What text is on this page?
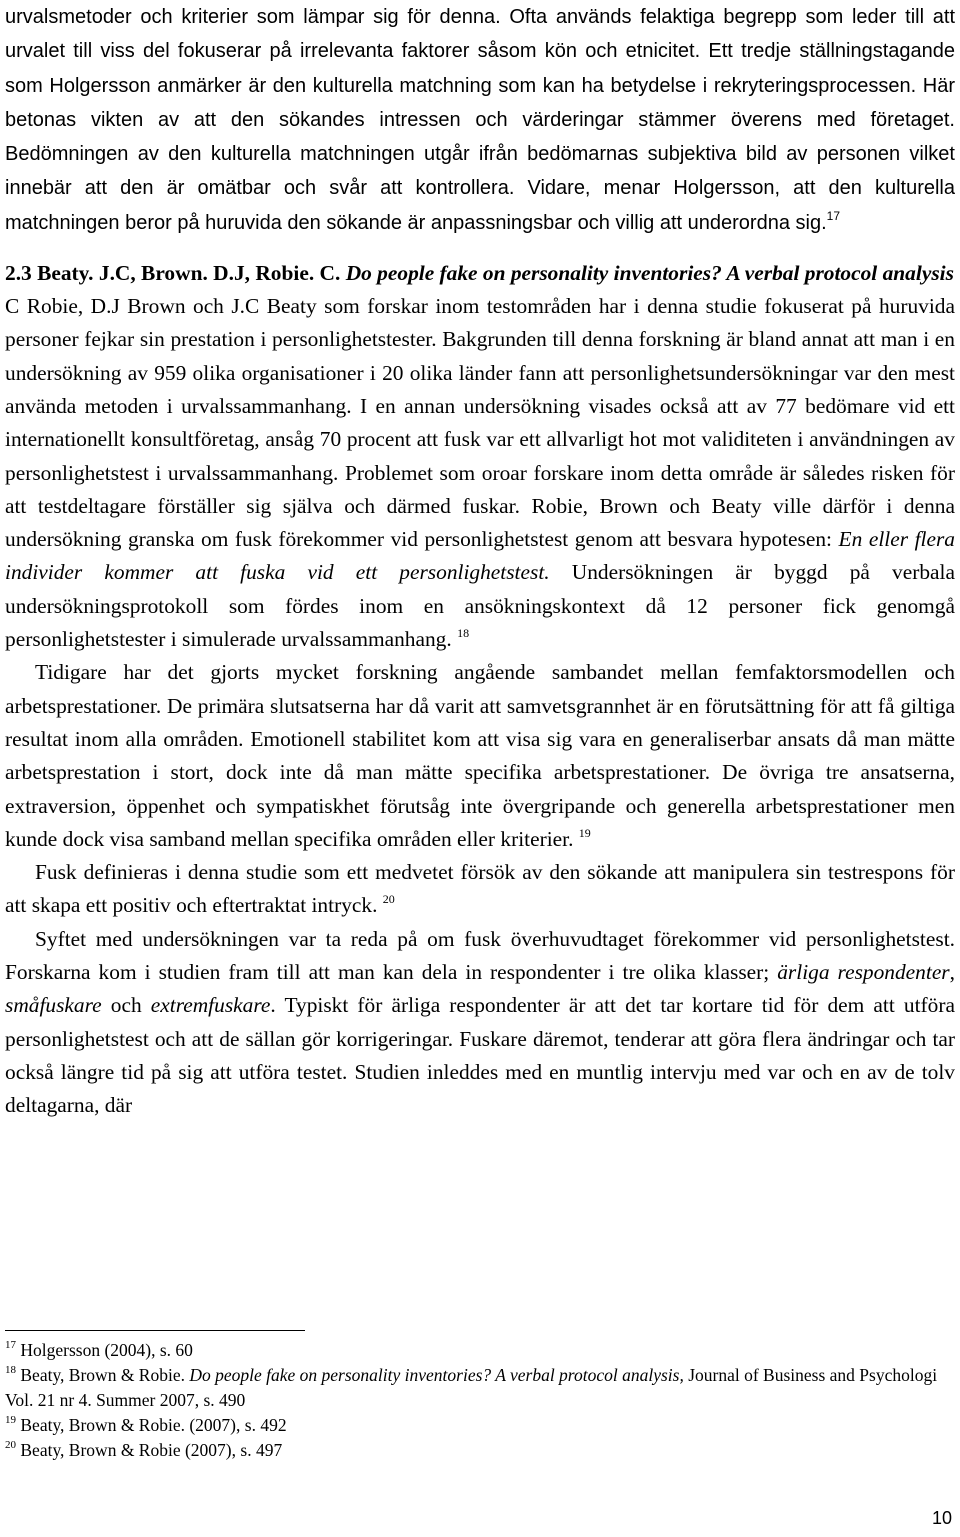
urvalsmetoder och kriterier som lämpar sig för denna. Ofta används felaktiga begrepp som leder till att urvalet till viss del fokuserar på irrelevanta faktorer såsom kön och etnicitet. Ett tredje ställningstagande som Holgersson anmärker är den kulturella matchning som kan ha betydelse i rekryteringsprocessen. Här betonas vikten av att den sökandes intressen och värderingar stämmer överens med företaget. Bedömningen av den kulturella matchningen utgår ifrån bedömarnas subjektiva bild av personen vilket innebär att den är omätbar och svår att kontrollera. Vidare, menar Holgersson, att den kulturella matchningen beror på huruvida den sökande är anpassningsbar och villig att underordna sig.$^{17}$

2.3 Beaty. J.C, Brown. D.J, Robie. C. Do people fake on personality inventories? A verbal protocol analysis

C Robie, D.J Brown och J.C Beaty som forskar inom testområden har i denna studie fokuserat på huruvida personer fejkar sin prestation i personlighetstester. Bakgrunden till denna forskning är bland annat att man i en undersökning av 959 olika organisationer i 20 olika länder fann att personlighetsundersökningar var den mest använda metoden i urvalssammanhang. I en annan undersökning visades också att av 77 bedömare vid ett internationellt konsultföretag, ansåg 70 procent att fusk var ett allvarligt hot mot validiteten i användningen av personlighetstest i urvalssammanhang. Problemet som oroar forskare inom detta område är således risken för att testdeltagare förställer sig själva och därmed fuskar. Robie, Brown och Beaty ville därför i denna undersökning granska om fusk förekommer vid personlighetstest genom att besvara hypotesen: En eller flera individer kommer att fuska vid ett personlighetstest. Undersökningen är byggd på verbala undersökningsprotokoll som fördes inom en ansökningskontext då 12 personer fick genomgå personlighetstester i simulerade urvalssammanhang. $^{18}$

Tidigare har det gjorts mycket forskning angående sambandet mellan femfaktorsmodellen och arbetsprestationer. De primära slutsatserna har då varit att samvetsgrannhet är en förutsättning för att få giltiga resultat inom alla områden. Emotionell stabilitet kom att visa sig vara en generaliserbar ansats då man mätte arbetsprestation i stort, dock inte då man mätte specifika arbetsprestationer. De övriga tre ansatserna, extraversion, öppenhet och sympatiskhet förutsåg inte övergripande och generella arbetsprestationer men kunde dock visa samband mellan specifika områden eller kriterier. $^{19}$

Fusk definieras i denna studie som ett medvetet försök av den sökande att manipulera sin testrespons för att skapa ett positiv och eftertraktat intryck. $^{20}$

Syftet med undersökningen var ta reda på om fusk överhuvudtaget förekommer vid personlighetstest. Forskarna kom i studien fram till att man kan dela in respondenter i tre olika klasser; ärliga respondenter, småfuskare och extremfuskare. Typiskt för ärliga respondenter är att det tar kortare tid för dem att utföra personlighetstest och att de sällan gör korrigeringar. Fuskare däremot, tenderar att göra flera ändringar och tar också längre tid på sig att utföra testet. Studien inleddes med en muntlig intervju med var och en av de tolv deltagarna, där

$^{17}$ Holgersson (2004), s. 60

$^{18}$ Beaty, Brown & Robie. Do people fake on personality inventories? A verbal protocol analysis, Journal of Business and Psychologi Vol. 21 nr 4. Summer 2007, s. 490

$^{19}$ Beaty, Brown & Robie. (2007), s. 492

$^{20}$ Beaty, Brown & Robie (2007), s. 497

10
